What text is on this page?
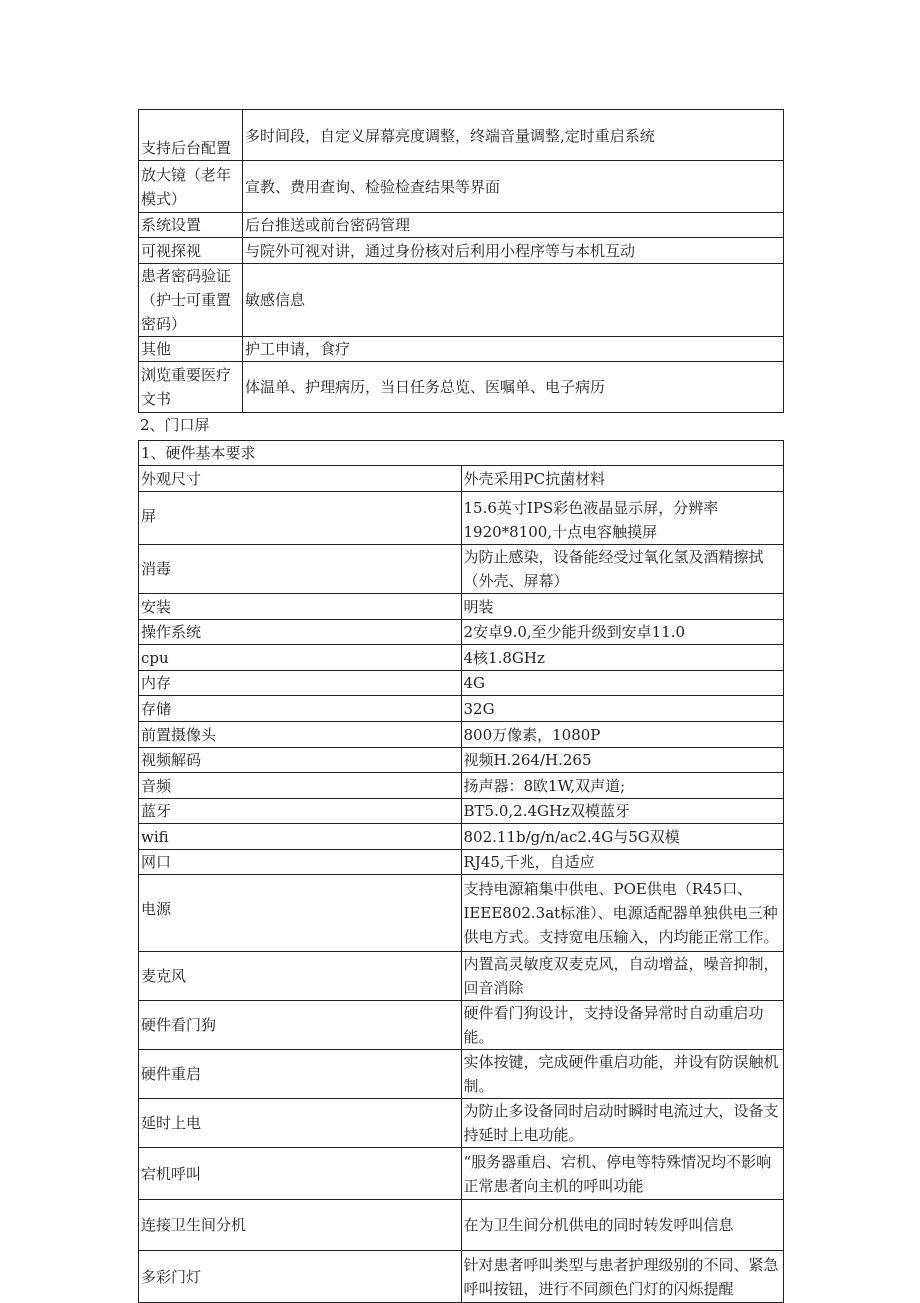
支持后台配置	多时间段，自定义屏幕亮度调整，终端音量调整,定时重启系统
放大镜（老年模式）	宣教、费用查询、检验检查结果等界面
系统设置	后台推送或前台密码管理
可视探视	与院外可视对讲，通过身份核对后利用小程序等与本机互动
患者密码验证（护士可重置密码）	敏感信息
其他	护工申请，食疗
浏览重要医疗文书	体温单、护理病历，当日任务总览、医嘱单、电子病历
2、门口屏
1、硬件基本要求	
外观尺寸	外壳采用PC抗菌材料
屏	15.6英寸IPS彩色液晶显示屏，分辨率1920*8100,十点电容触摸屏
消毒	为防止感染，设备能经受过氧化氢及酒精擦拭（外壳、屏幕）
安装	明装
操作系统	2安卓9.0,至少能升级到安卓11.0
cpu	4核1.8GHz
内存	4G
存储	32G
前置摄像头	800万像素，1080P
视频解码	视频H.264/H.265
音频	扬声器：8欧1W,双声道;
蓝牙	BT5.0,2.4GHz双模蓝牙
wifi	802.11b/g/n/ac2.4G与5G双模
网口	RJ45,千兆，自适应
电源	支持电源箱集中供电、POE供电（R45口、IEEE802.3at标准）、电源适配器单独供电三种供电方式。支持宽电压输入，内均能正常工作。
麦克风	内置高灵敏度双麦克风，自动增益，噪音抑制，回音消除
硬件看门狗	硬件看门狗设计，支持设备异常时自动重启功能。
硬件重启	实体按键，完成硬件重启功能，并设有防误触机制。
延时上电	为防止多设备同时启动时瞬时电流过大，设备支持延时上电功能。
宕机呼叫	“服务器重启、宕机、停电等特殊情况均不影响正常患者向主机的呼叫功能
连接卫生间分机	在为卫生间分机供电的同时转发呼叫信息
多彩门灯	针对患者呼叫类型与患者护理级别的不同、紧急呼叫按钮，进行不同颜色门灯的闪烁提醒
